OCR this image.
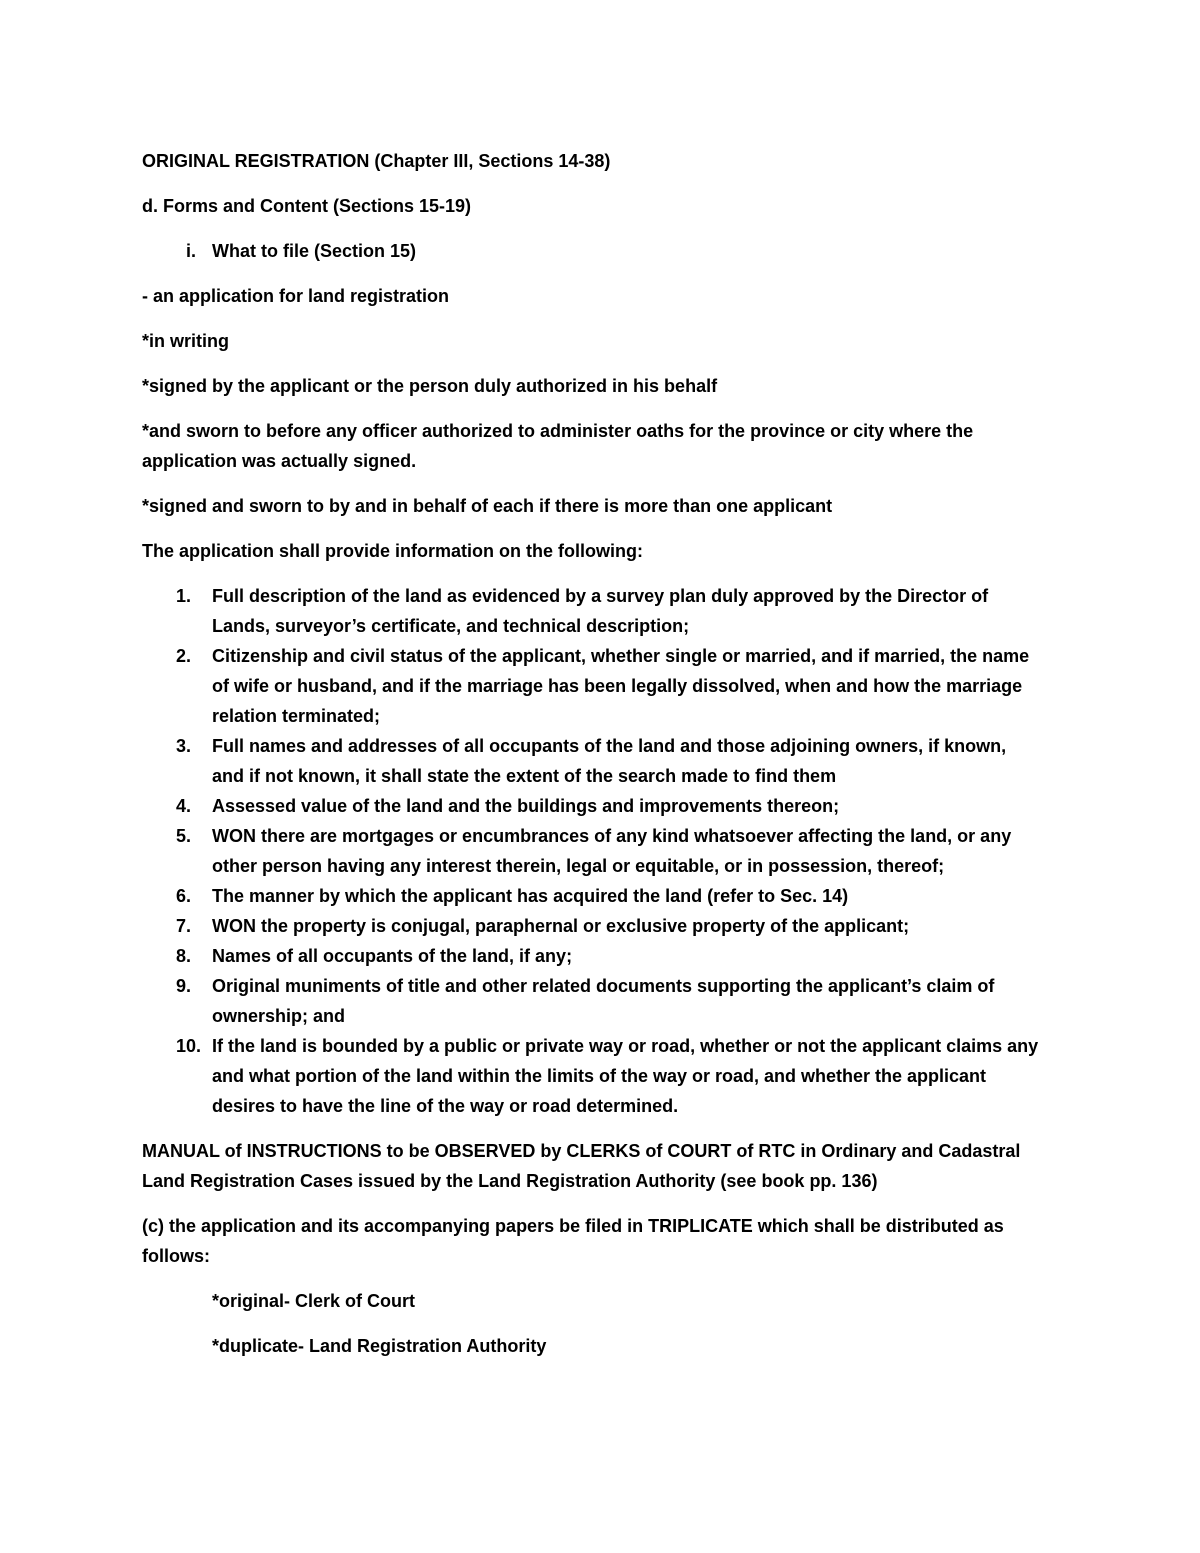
ORIGINAL REGISTRATION (Chapter III, Sections 14-38)

d. Forms and Content (Sections 15-19)

i. What to file (Section 15)

- an application for land registration

*in writing

*signed by the applicant or the person duly authorized in his behalf

*and sworn to before any officer authorized to administer oaths for the province or city where the application was actually signed.

*signed and sworn to by and in behalf of each if there is more than one applicant

The application shall provide information on the following:

1.	Full description of the land as evidenced by a survey plan duly approved by the Director of Lands, surveyor’s certificate, and technical description;
2.	Citizenship and civil status of the applicant, whether single or married, and if married, the name of wife or husband, and if the marriage has been legally dissolved, when and how the marriage relation terminated;
3.	Full names and addresses of all occupants of the land and those adjoining owners, if known, and if not known, it shall state the extent of the search made to find them
4.	Assessed value of the land and the buildings and improvements thereon;
5.	WON there are mortgages or encumbrances of any kind whatsoever affecting the land, or any other person having any interest therein, legal or equitable, or in possession, thereof;
6.	The manner by which the applicant has acquired the land (refer to Sec. 14)
7.	WON the property is conjugal, paraphernal or exclusive property of the applicant;
8.	Names of all occupants of the land, if any;
9.	Original muniments of title and other related documents supporting the applicant’s claim of ownership; and
10. If the land is bounded by a public or private way or road, whether or not the applicant claims any and what portion of the land within the limits of the way or road, and whether the applicant desires to have the line of the way or road determined.

MANUAL of INSTRUCTIONS to be OBSERVED by CLERKS of COURT of RTC in Ordinary and Cadastral Land Registration Cases issued by the Land Registration Authority (see book pp. 136)

(c) the application and its accompanying papers be filed in TRIPLICATE which shall be distributed as follows:

*original- Clerk of Court

*duplicate- Land Registration Authority
